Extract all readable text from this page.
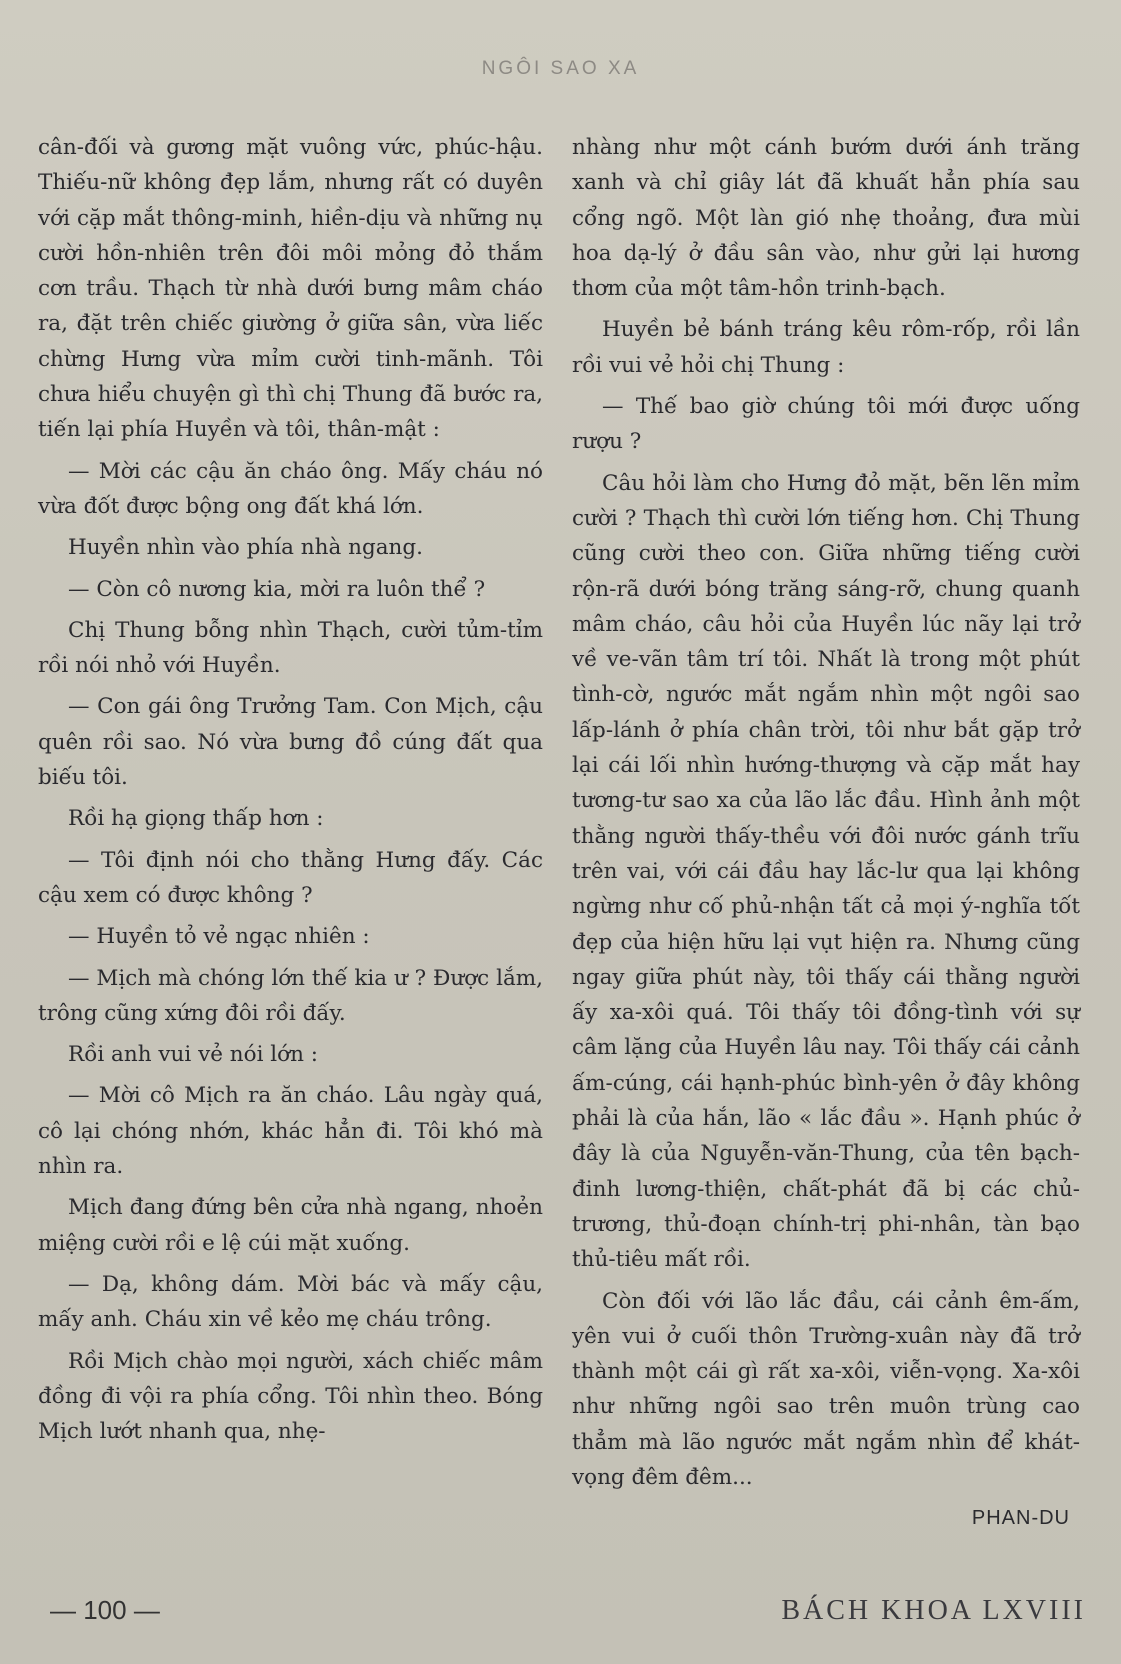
NGÔI SAO XA

cân-đối và gương mặt vuông vức, phúc-hậu. Thiếu-nữ không đẹp lắm, nhưng rất có duyên với cặp mắt thông-minh, hiền-dịu và những nụ cười hồn-nhiên trên đôi môi mỏng đỏ thắm cơn trầu. Thạch từ nhà dưới bưng mâm cháo ra, đặt trên chiếc giường ở giữa sân, vừa liếc chừng Hưng vừa mỉm cười tinh-mãnh. Tôi chưa hiểu chuyện gì thì chị Thung đã bước ra, tiến lại phía Huyền và tôi, thân-mật :

— Mời các cậu ăn cháo ông. Mấy cháu nó vừa đốt được bộng ong đất khá lớn.

Huyền nhìn vào phía nhà ngang.

— Còn cô nương kia, mời ra luôn thể ?

Chị Thung bỗng nhìn Thạch, cười tủm-tỉm rồi nói nhỏ với Huyền.

— Con gái ông Trưởng Tam. Con Mịch, cậu quên rồi sao. Nó vừa bưng đồ cúng đất qua biếu tôi.

Rồi hạ giọng thấp hơn :

— Tôi định nói cho thằng Hưng đấy. Các cậu xem có được không ?

— Huyền tỏ vẻ ngạc nhiên :

— Mịch mà chóng lớn thế kia ư ? Được lắm, trông cũng xứng đôi rồi đấy.

Rồi anh vui vẻ nói lớn :

— Mời cô Mịch ra ăn cháo. Lâu ngày quá, cô lại chóng nhớn, khác hẳn đi. Tôi khó mà nhìn ra.

Mịch đang đứng bên cửa nhà ngang, nhoẻn miệng cười rồi e lệ cúi mặt xuống.

— Dạ, không dám. Mời bác và mấy cậu, mấy anh. Cháu xin về kẻo mẹ cháu trông.

Rồi Mịch chào mọi người, xách chiếc mâm đồng đi vội ra phía cổng. Tôi nhìn theo. Bóng Mịch lướt nhanh qua, nhẹ-

nhàng như một cánh bướm dưới ánh trăng xanh và chỉ giây lát đã khuất hẳn phía sau cổng ngõ. Một làn gió nhẹ thoảng, đưa mùi hoa dạ-lý ở đầu sân vào, như gửi lại hương thơm của một tâm-hồn trinh-bạch.

Huyền bẻ bánh tráng kêu rôm-rốp, rồi lần rồi vui vẻ hỏi chị Thung :

— Thế bao giờ chúng tôi mới được uống rượu ?

Câu hỏi làm cho Hưng đỏ mặt, bẽn lẽn mỉm cười ? Thạch thì cười lớn tiếng hơn. Chị Thung cũng cười theo con. Giữa những tiếng cười rộn-rã dưới bóng trăng sáng-rỡ, chung quanh mâm cháo, câu hỏi của Huyền lúc nãy lại trở về ve-vãn tâm trí tôi. Nhất là trong một phút tình-cờ, ngước mắt ngắm nhìn một ngôi sao lấp-lánh ở phía chân trời, tôi như bắt gặp trở lại cái lối nhìn hướng-thượng và cặp mắt hay tương-tư sao xa của lão lắc đầu. Hình ảnh một thằng người thấy-thều với đôi nước gánh trĩu trên vai, với cái đầu hay lắc-lư qua lại không ngừng như cố phủ-nhận tất cả mọi ý-nghĩa tốt đẹp của hiện hữu lại vụt hiện ra. Nhưng cũng ngay giữa phút này, tôi thấy cái thằng người ấy xa-xôi quá. Tôi thấy tôi đồng-tình với sự câm lặng của Huyền lâu nay. Tôi thấy cái cảnh ấm-cúng, cái hạnh-phúc bình-yên ở đây không phải là của hắn, lão « lắc đầu ». Hạnh phúc ở đây là của Nguyễn-văn-Thung, của tên bạch-đinh lương-thiện, chất-phát đã bị các chủ-trương, thủ-đoạn chính-trị phi-nhân, tàn bạo thủ-tiêu mất rồi.

Còn đối với lão lắc đầu, cái cảnh êm-ấm, yên vui ở cuối thôn Trường-xuân này đã trở thành một cái gì rất xa-xôi, viễn-vọng. Xa-xôi như những ngôi sao trên muôn trùng cao thẳm mà lão ngước mắt ngắm nhìn để khát-vọng đêm đêm...

PHAN-DU

— 100 —	BÁCH KHOA LXVIII
